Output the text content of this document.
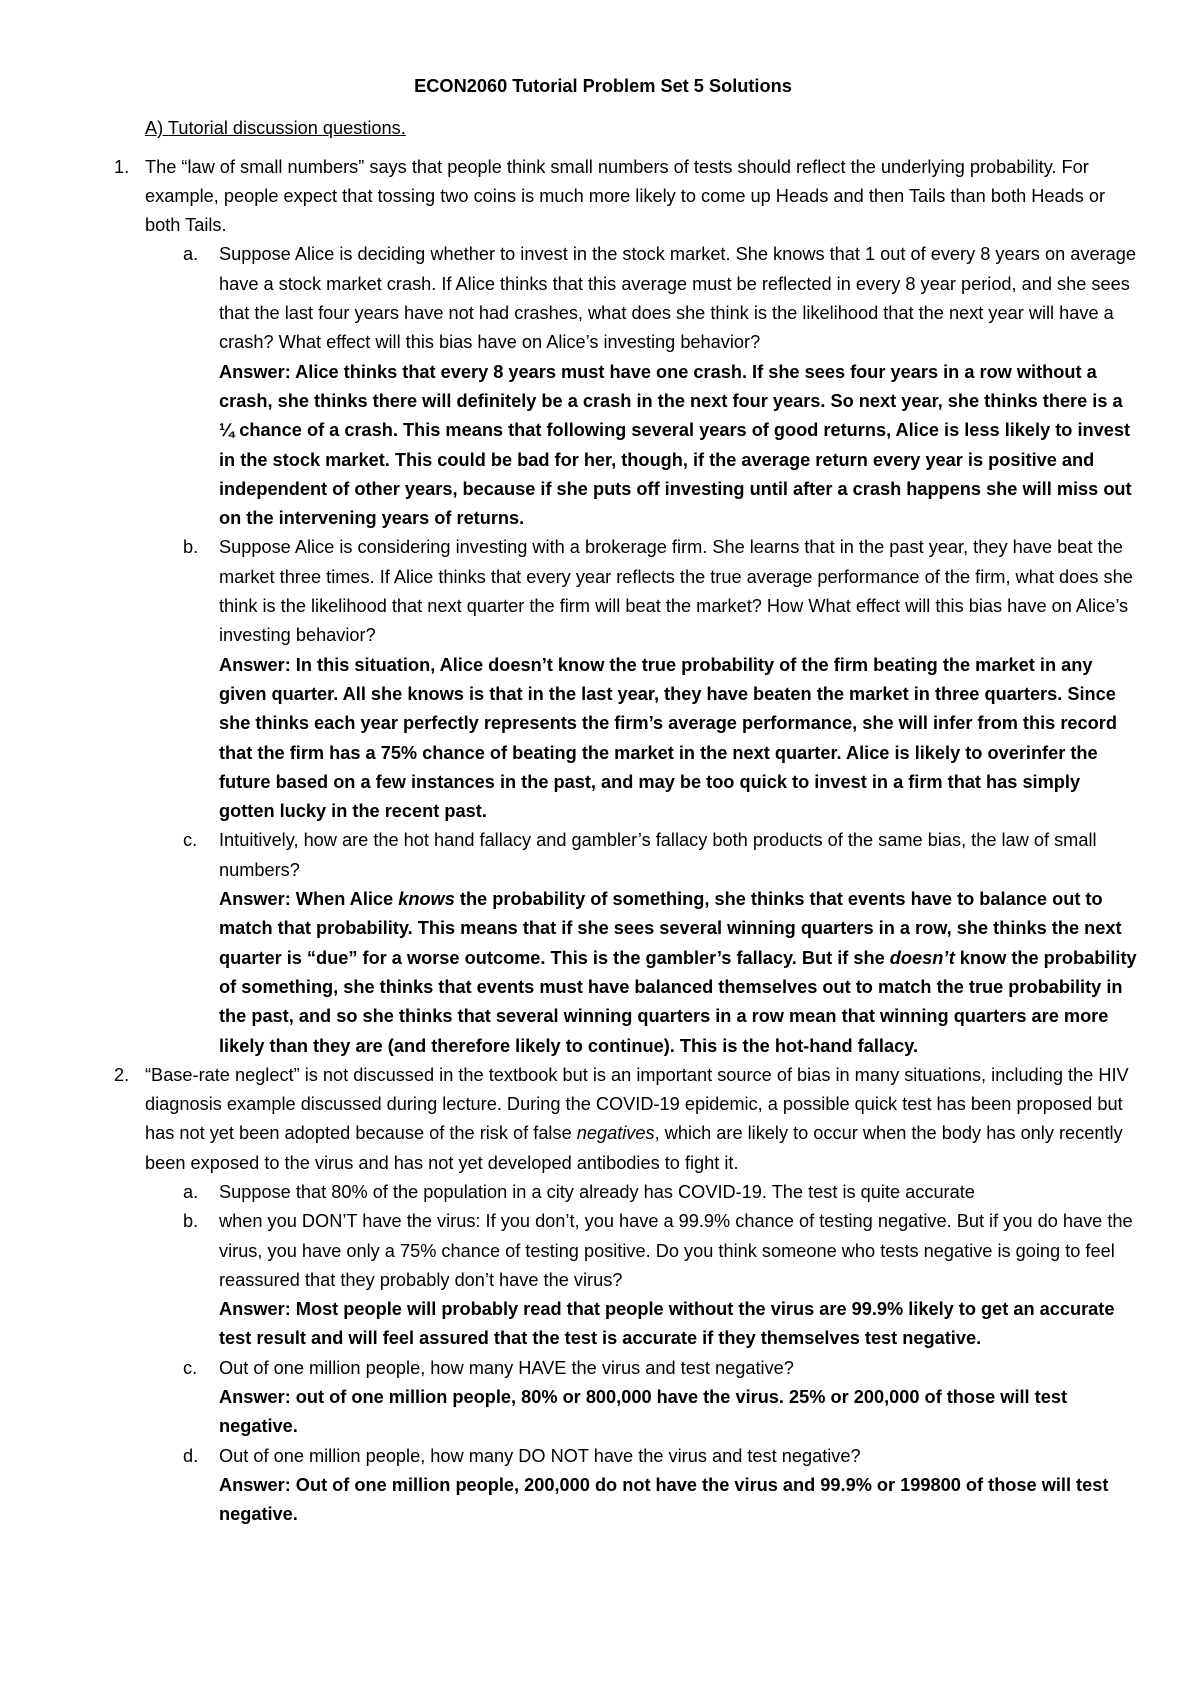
ECON2060 Tutorial Problem Set 5 Solutions
A) Tutorial discussion questions.
1. The “law of small numbers” says that people think small numbers of tests should reflect the underlying probability. For example, people expect that tossing two coins is much more likely to come up Heads and then Tails than both Heads or both Tails.

a. Suppose Alice is deciding whether to invest in the stock market. She knows that 1 out of every 8 years on average have a stock market crash. If Alice thinks that this average must be reflected in every 8 year period, and she sees that the last four years have not had crashes, what does she think is the likelihood that the next year will have a crash? What effect will this bias have on Alice’s investing behavior?

Answer: Alice thinks that every 8 years must have one crash. If she sees four years in a row without a crash, she thinks there will definitely be a crash in the next four years. So next year, she thinks there is a ¼ chance of a crash. This means that following several years of good returns, Alice is less likely to invest in the stock market. This could be bad for her, though, if the average return every year is positive and independent of other years, because if she puts off investing until after a crash happens she will miss out on the intervening years of returns.

b. Suppose Alice is considering investing with a brokerage firm. She learns that in the past year, they have beat the market three times. If Alice thinks that every year reflects the true average performance of the firm, what does she think is the likelihood that next quarter the firm will beat the market? How What effect will this bias have on Alice’s investing behavior?

Answer: In this situation, Alice doesn’t know the true probability of the firm beating the market in any given quarter. All she knows is that in the last year, they have beaten the market in three quarters. Since she thinks each year perfectly represents the firm’s average performance, she will infer from this record that the firm has a 75% chance of beating the market in the next quarter. Alice is likely to overinfer the future based on a few instances in the past, and may be too quick to invest in a firm that has simply gotten lucky in the recent past.

c. Intuitively, how are the hot hand fallacy and gambler’s fallacy both products of the same bias, the law of small numbers?

Answer: When Alice knows the probability of something, she thinks that events have to balance out to match that probability. This means that if she sees several winning quarters in a row, she thinks the next quarter is “due” for a worse outcome. This is the gambler’s fallacy. But if she doesn’t know the probability of something, she thinks that events must have balanced themselves out to match the true probability in the past, and so she thinks that several winning quarters in a row mean that winning quarters are more likely than they are (and therefore likely to continue). This is the hot-hand fallacy.

2. “Base-rate neglect” is not discussed in the textbook but is an important source of bias in many situations, including the HIV diagnosis example discussed during lecture. During the COVID-19 epidemic, a possible quick test has been proposed but has not yet been adopted because of the risk of false negatives, which are likely to occur when the body has only recently been exposed to the virus and has not yet developed antibodies to fight it.

a. Suppose that 80% of the population in a city already has COVID-19. The test is quite accurate

b. when you DON’T have the virus: If you don’t, you have a 99.9% chance of testing negative. But if you do have the virus, you have only a 75% chance of testing positive. Do you think someone who tests negative is going to feel reassured that they probably don’t have the virus?

Answer: Most people will probably read that people without the virus are 99.9% likely to get an accurate test result and will feel assured that the test is accurate if they themselves test negative.

c. Out of one million people, how many HAVE the virus and test negative?

Answer: out of one million people, 80% or 800,000 have the virus. 25% or 200,000 of those will test negative.

d. Out of one million people, how many DO NOT have the virus and test negative?

Answer: Out of one million people, 200,000 do not have the virus and 99.9% or 199800 of those will test negative.
